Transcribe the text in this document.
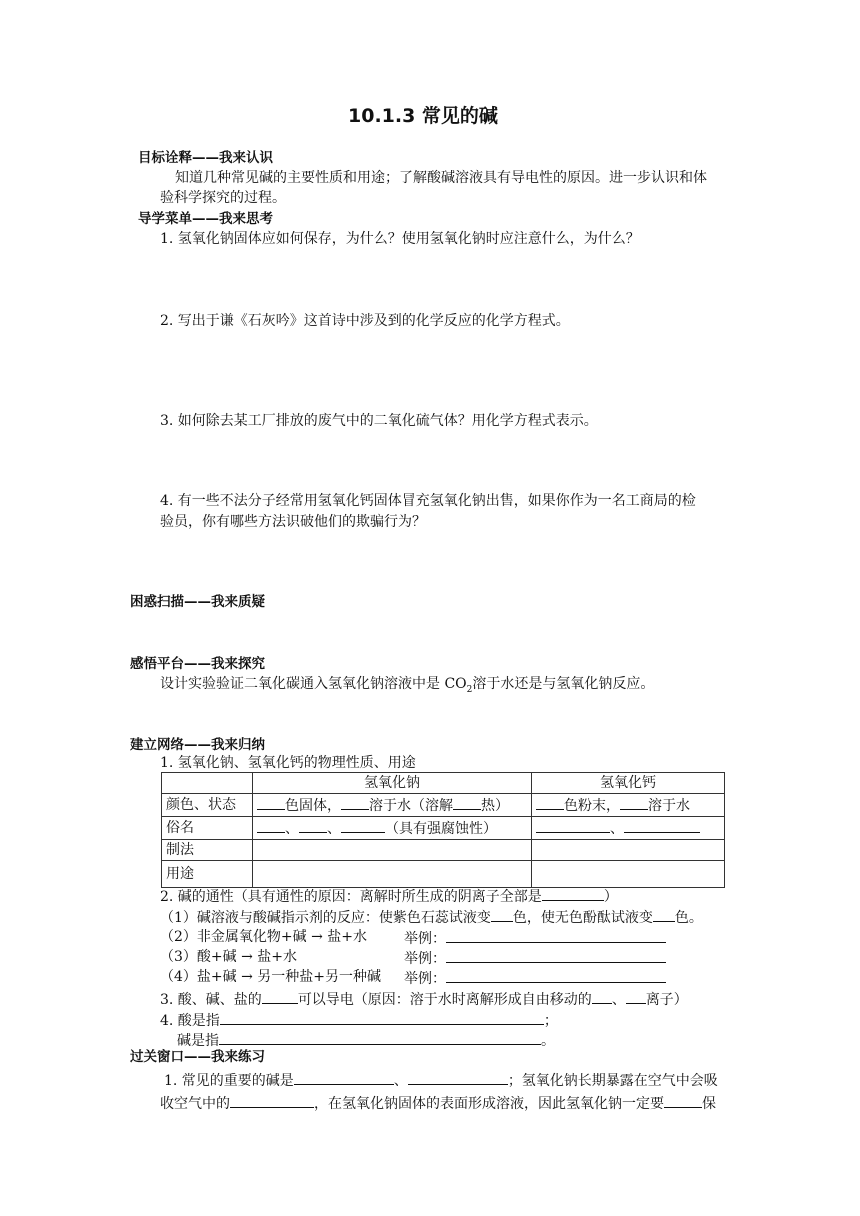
10.1.3 常见的碱
目标诠释——我来认识
知道几种常见碱的主要性质和用途；了解酸碱溶液具有导电性的原因。进一步认识和体
验科学探究的过程。
导学菜单——我来思考
1. 氢氧化钠固体应如何保存，为什么？使用氢氧化钠时应注意什么，为什么？
2. 写出于谦《石灰吟》这首诗中涉及到的化学反应的化学方程式。
3. 如何除去某工厂排放的废气中的二氧化硫气体？用化学方程式表示。
4. 有一些不法分子经常用氢氧化钙固体冒充氢氧化钠出售，如果你作为一名工商局的检
验员，你有哪些方法识破他们的欺骗行为？
困惑扫描——我来质疑
感悟平台——我来探究
设计实验验证二氧化碳通入氢氧化钠溶液中是 $CO_2$溶于水还是与氢氧化钠反应。
建立网络——我来归纳
1. 氢氧化钠、氢氧化钙的物理性质、用途
	氢氧化钠	氢氧化钙
颜色、状态	色固体， 溶于水（溶解 热）	色粉末， 溶于水
俗名	、 、 （具有强腐蚀性）	、
制法		
用途		
2. 碱的通性（具有通性的原因：离解时所生成的阴离子全部是	）
（1）碱溶液与酸碱指示剂的反应：使紫色石蕊试液变 色，使无色酚酞试液变 色。
（2）非金属氧化物+碱 → 盐+水	举例：
（3）酸+碱 → 盐+水	举例：
（4）盐+碱 → 另一种盐+另一种碱 举例：
3. 酸、碱、盐的	可以导电（原因：溶于水时离解形成自由移动的 、 离子）
4. 酸是指	；
碱是指	。
过关窗口——我来练习
1. 常见的重要的碱是	、	；氢氧化钠长期暴露在空气中会吸
收空气中的	，在氢氧化钠固体的表面形成溶液，因此氢氧化钠一定要	保
